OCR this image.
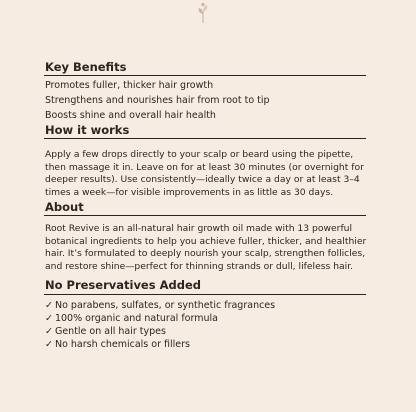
Key Benefits
Promotes fuller, thicker hair growth
Strengthens and nourishes hair from root to tip
Boosts shine and overall hair health
How it works
Apply a few drops directly to your scalp or beard using the pipette, then massage it in. Leave on for at least 30 minutes (or overnight for deeper results). Use consistently—ideally twice a day or at least 3–4 times a week—for visible improvements in as little as 30 days.
About
Root Revive is an all-natural hair growth oil made with 13 powerful botanical ingredients to help you achieve fuller, thicker, and healthier hair. It’s formulated to deeply nourish your scalp, strengthen follicles, and restore shine—perfect for thinning strands or dull, lifeless hair.
No Preservatives Added
✓ No parabens, sulfates, or synthetic fragrances
✓ 100% organic and natural formula
✓ Gentle on all hair types
✓ No harsh chemicals or fillers
